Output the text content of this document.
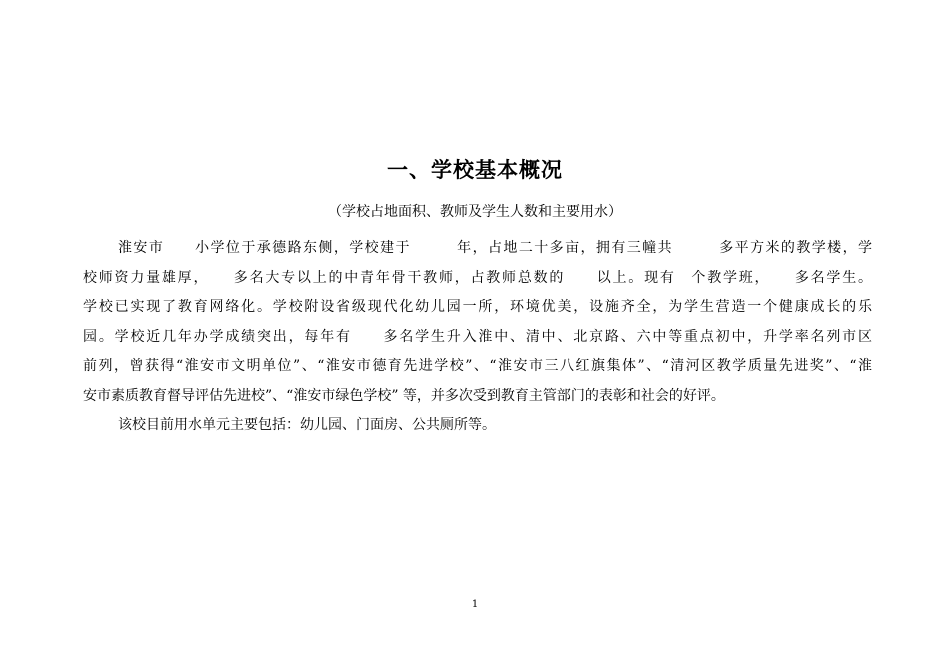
一、学校基本概况
（学校占地面积、教师及学生人数和主要用水）
淮安市　　小学位于承德路东侧，学校建于　　　年，占地二十多亩，拥有三幢共　　　多平方米的教学楼，学
校师资力量雄厚，　　多名大专以上的中青年骨干教师，占教师总数的　　以上。现有　个教学班，　　多名学生。
学校已实现了教育网络化。学校附设省级现代化幼儿园一所，环境优美，设施齐全，为学生营造一个健康成长的乐
园。学校近几年办学成绩突出，每年有　　多名学生升入淮中、清中、北京路、六中等重点初中，升学率名列市区
前列，曾获得“淮安市文明单位”、“淮安市德育先进学校”、“淮安市三八红旗集体”、“清河区教学质量先进奖”、“淮
安市素质教育督导评估先进校”、“淮安市绿色学校” 等，并多次受到教育主管部门的表彰和社会的好评。
该校目前用水单元主要包括：幼儿园、门面房、公共厕所等。
1
